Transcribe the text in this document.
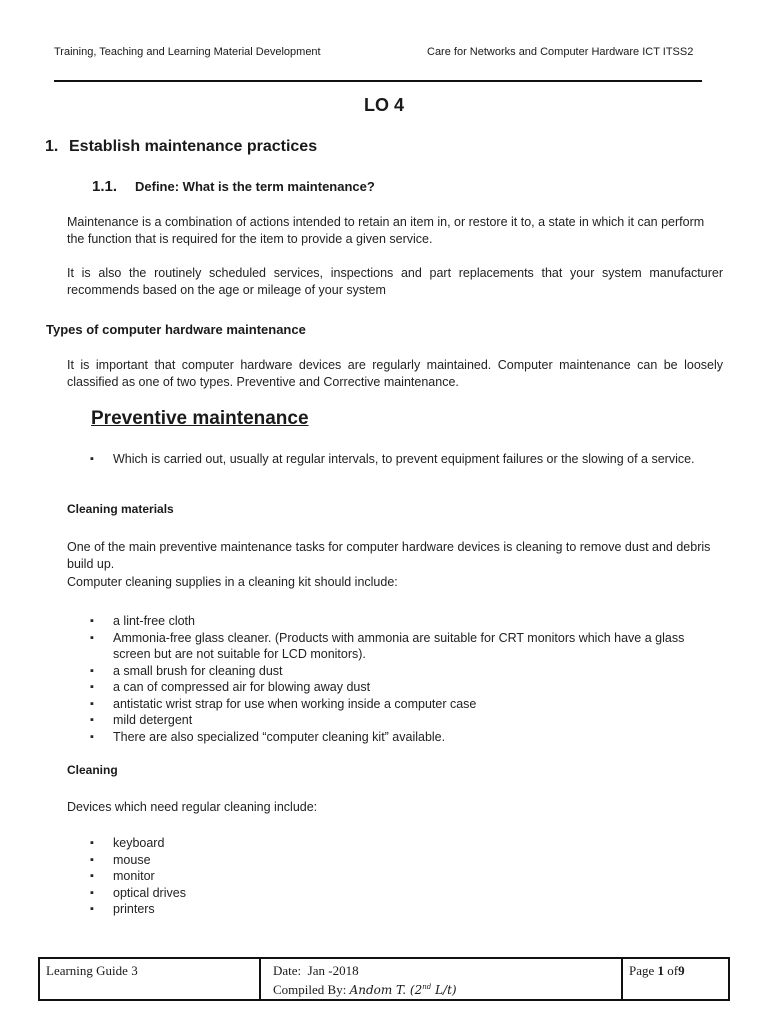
Training, Teaching and Learning Material Development	Care for Networks and Computer Hardware ICT ITSS2
LO 4
1. Establish maintenance practices
1.1. Define: What is the term maintenance?
Maintenance is a combination of actions intended to retain an item in, or restore it to, a state in which it can perform the function that is required for the item to provide a given service.
It is also the routinely scheduled services, inspections and part replacements that your system manufacturer recommends based on the age or mileage of your system
Types of computer hardware maintenance
It is important that computer hardware devices are regularly maintained. Computer maintenance can be loosely classified as one of two types. Preventive and Corrective maintenance.
Preventive maintenance
▪ Which is carried out, usually at regular intervals, to prevent equipment failures or the slowing of a service.
Cleaning materials
One of the main preventive maintenance tasks for computer hardware devices is cleaning to remove dust and debris build up.
Computer cleaning supplies in a cleaning kit should include:
▪ a lint-free cloth
▪ Ammonia-free glass cleaner. (Products with ammonia are suitable for CRT monitors which have a glass screen but are not suitable for LCD monitors).
▪ a small brush for cleaning dust
▪ a can of compressed air for blowing away dust
▪ antistatic wrist strap for use when working inside a computer case
▪ mild detergent
▪ There are also specialized “computer cleaning kit” available.
Cleaning
Devices which need regular cleaning include:
▪ keyboard
▪ mouse
▪ monitor
▪ optical drives
▪ printers
Learning Guide 3	Date: Jan -2018
Compiled By: Andom T. (2nd L/t)
Page 1 of9
